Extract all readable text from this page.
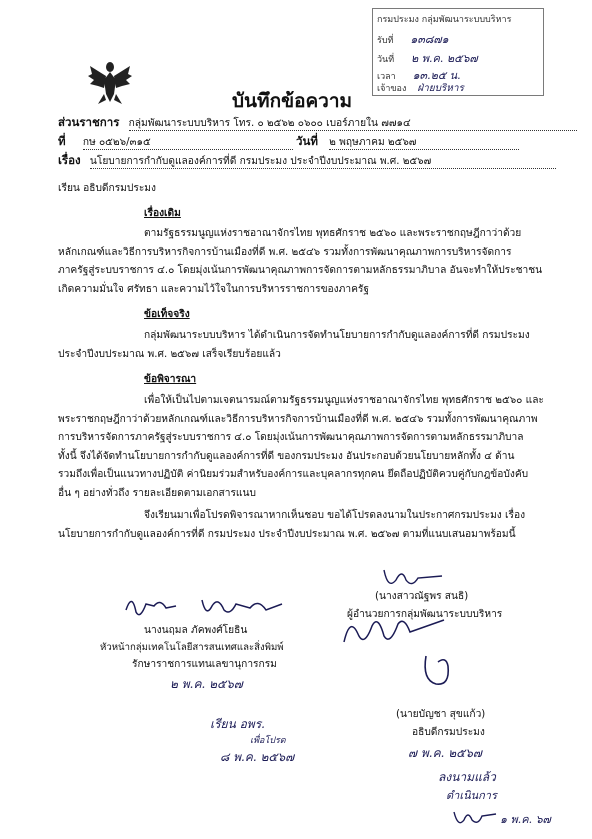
กรมประมง กลุ่มพัฒนาระบบบริหาร
รับที่ ๑๓๘๗๑
วันที่ ๒ พ.ค. ๒๕๖๗
เวลา ๑๓.๒๕ น.
เจ้าของ ฝ่ายบริหาร
บันทึกข้อความ
ส่วนราชการ กลุ่มพัฒนาระบบบริหาร โทร. ๐ ๒๕๖๒ ๐๖๐๐ เบอร์ภายใน ๗๗๑๔
ที่ กษ ๐๕๒๖/๓๑๕	วันที่ ๒ พฤษภาคม ๒๕๖๗
เรื่อง นโยบายการกำกับดูแลองค์การที่ดี กรมประมง ประจำปีงบประมาณ พ.ศ. ๒๕๖๗
เรียน อธิบดีกรมประมง
เรื่องเดิม
ตามรัฐธรรมนูญแห่งราชอาณาจักรไทย พุทธศักราช ๒๕๖๐ และพระราชกฤษฎีกาว่าด้วย
หลักเกณฑ์และวิธีการบริหารกิจการบ้านเมืองที่ดี พ.ศ. ๒๕๔๖ รวมทั้งการพัฒนาคุณภาพการบริหารจัดการ
ภาครัฐสู่ระบบราชการ ๔.๐ โดยมุ่งเน้นการพัฒนาคุณภาพการจัดการตามหลักธรรมาภิบาล อันจะทำให้ประชาชน
เกิดความมั่นใจ ศรัทธา และความไว้ใจในการบริหารราชการของภาครัฐ
ข้อเท็จจริง
กลุ่มพัฒนาระบบบริหาร ได้ดำเนินการจัดทำนโยบายการกำกับดูแลองค์การที่ดี กรมประมง
ประจำปีงบประมาณ พ.ศ. ๒๕๖๗ เสร็จเรียบร้อยแล้ว
ข้อพิจารณา
เพื่อให้เป็นไปตามเจตนารมณ์ตามรัฐธรรมนูญแห่งราชอาณาจักรไทย พุทธศักราช ๒๕๖๐ และ
พระราชกฤษฎีกาว่าด้วยหลักเกณฑ์และวิธีการบริหารกิจการบ้านเมืองที่ดี พ.ศ. ๒๕๔๖ รวมทั้งการพัฒนาคุณภาพ
การบริหารจัดการภาครัฐสู่ระบบราชการ ๔.๐ โดยมุ่งเน้นการพัฒนาคุณภาพการจัดการตามหลักธรรมาภิบาล
ทั้งนี้ จึงได้จัดทำนโยบายการกำกับดูแลองค์การที่ดี ของกรมประมง อันประกอบด้วยนโยบายหลักทั้ง ๔ ด้าน
รวมถึงเพื่อเป็นแนวทางปฏิบัติ ค่านิยมร่วมสำหรับองค์การและบุคลากรทุกคน ยึดถือปฏิบัติควบคู่กับกฎข้อบังคับ
อื่น ๆ อย่างทั่วถึง รายละเอียดตามเอกสารแนบ
จึงเรียนมาเพื่อโปรดพิจารณาหากเห็นชอบ ขอได้โปรดลงนามในประกาศกรมประมง เรื่อง
นโยบายการกำกับดูแลองค์การที่ดี กรมประมง ประจำปีงบประมาณ พ.ศ. ๒๕๖๗ ตามที่แนบเสนอมาพร้อมนี้
(นางสาวณัฐพร สนธิ)
ผู้อำนวยการกลุ่มพัฒนาระบบบริหาร
นางนฤมล ภัคพงศ์โยธิน
หัวหน้ากลุ่มเทคโนโลยีสารสนเทศและสิ่งพิมพ์
รักษาราชการแทนเลขานุการกรม
๒ พ.ค. ๒๕๖๗
เรียน อพร.
เพื่อโปรด
๘ พ.ค. ๒๕๖๗
(นายบัญชา สุขแก้ว)
อธิบดีกรมประมง
๗ พ.ค. ๒๕๖๗
ลงนามแล้ว
ดำเนินการ
๑ พ.ค. ๖๗
